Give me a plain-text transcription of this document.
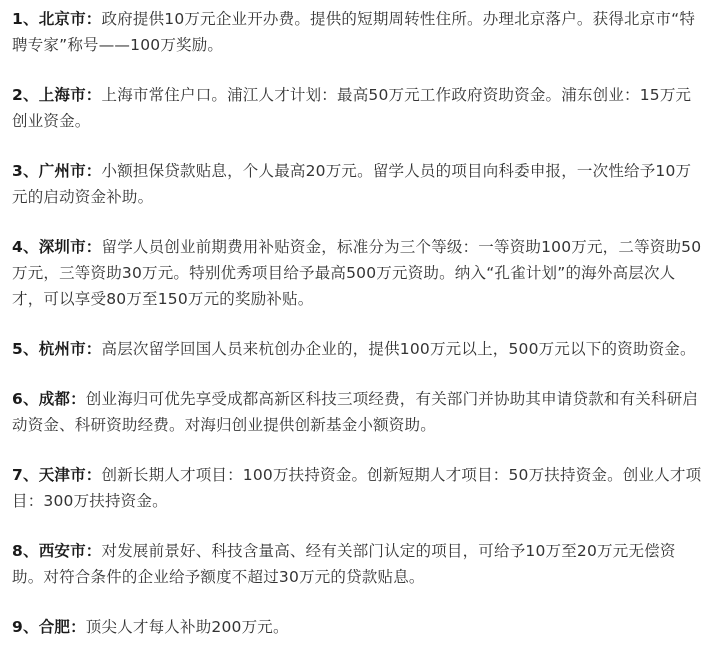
1、北京市：政府提供10万元企业开办费。提供的短期周转性住所。办理北京落户。获得北京市“特聘专家”称号——100万奖励。

2、上海市：上海市常住户口。浦江人才计划：最高50万元工作政府资助资金。浦东创业：15万元创业资金。

3、广州市：小额担保贷款贴息，个人最高20万元。留学人员的项目向科委申报，一次性给予10万元的启动资金补助。

4、深圳市：留学人员创业前期费用补贴资金，标准分为三个等级：一等资助100万元，二等资助50万元，三等资助30万元。特别优秀项目给予最高500万元资助。纳入“孔雀计划”的海外高层次人才，可以享受80万至150万元的奖励补贴。

5、杭州市：高层次留学回国人员来杭创办企业的，提供100万元以上，500万元以下的资助资金。

6、成都：创业海归可优先享受成都高新区科技三项经费，有关部门并协助其申请贷款和有关科研启动资金、科研资助经费。对海归创业提供创新基金小额资助。

7、天津市：创新长期人才项目：100万扶持资金。创新短期人才项目：50万扶持资金。创业人才项目：300万扶持资金。

8、西安市：对发展前景好、科技含量高、经有关部门认定的项目，可给予10万至20万元无偿资助。对符合条件的企业给予额度不超过30万元的贷款贴息。

9、合肥：顶尖人才每人补助200万元。
